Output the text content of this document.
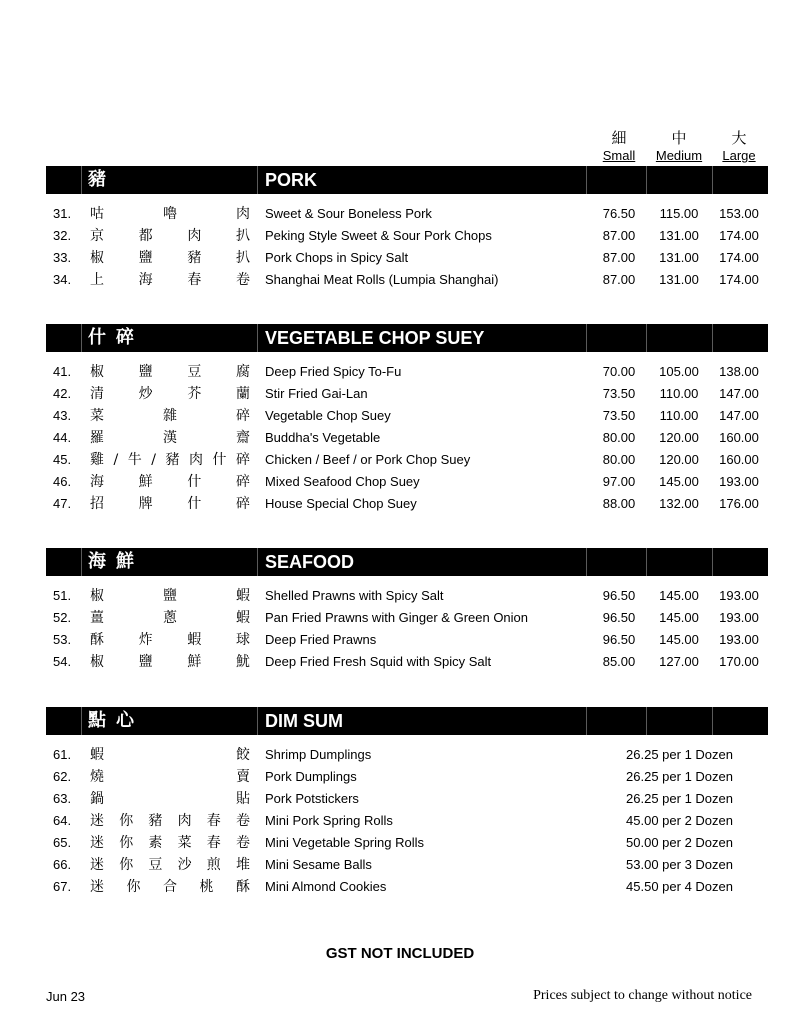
細
Small
中
Medium
大
Large
豬	PORK
31. 咕	嚕	肉 Sweet & Sour Boneless Pork	76.50	115.00	153.00
32. 京 都 肉 扒 Peking Style Sweet & Sour Pork Chops	87.00	131.00	174.00
33. 椒 鹽 豬 扒 Pork Chops in Spicy Salt	87.00	131.00	174.00
34. 上 海 春 卷 Shanghai Meat Rolls (Lumpia Shanghai)	87.00	131.00	174.00
什碎	VEGETABLE CHOP SUEY
41. 椒 鹽 豆 腐 Deep Fried Spicy To-Fu	70.00	105.00	138.00
42. 清 炒 芥 蘭 Stir Fried Gai-Lan	73.50	110.00	147.00
43. 菜	雜	碎 Vegetable Chop Suey	73.50	110.00	147.00
44. 羅	漢	齋 Buddha's Vegetable	80.00	120.00	160.00
45. 雞 / 牛 / 豬 肉 什 碎 Chicken / Beef / or Pork Chop Suey	80.00	120.00	160.00
46. 海 鮮 什 碎 Mixed Seafood Chop Suey	97.00	145.00	193.00
47. 招 牌 什 碎 House Special Chop Suey	88.00	132.00	176.00
海鮮	SEAFOOD
51. 椒	鹽	蝦 Shelled Prawns with Spicy Salt	96.50	145.00	193.00
52. 薑	蔥	蝦 Pan Fried Prawns with Ginger & Green Onion	96.50	145.00	193.00
53. 酥 炸 蝦 球 Deep Fried Prawns	96.50	145.00	193.00
54. 椒 鹽 鮮 魷 Deep Fried Fresh Squid with Spicy Salt	85.00	127.00	170.00
點心	DIM SUM
61. 蝦	餃 Shrimp Dumplings	26.25 per 1 Dozen
62. 燒	賣 Pork Dumplings	26.25 per 1 Dozen
63. 鍋	貼 Pork Potstickers	26.25 per 1 Dozen
64. 迷 你 豬 肉 春 卷 Mini Pork Spring Rolls	45.00 per 2 Dozen
65. 迷 你 素 菜 春 卷 Mini Vegetable Spring Rolls	50.00 per 2 Dozen
66. 迷 你 豆 沙 煎 堆 Mini Sesame Balls	53.00 per 3 Dozen
67. 迷 你 合 桃 酥 Mini Almond Cookies	45.50 per 4 Dozen
GST NOT INCLUDED
Jun 23	Prices subject to change without notice
